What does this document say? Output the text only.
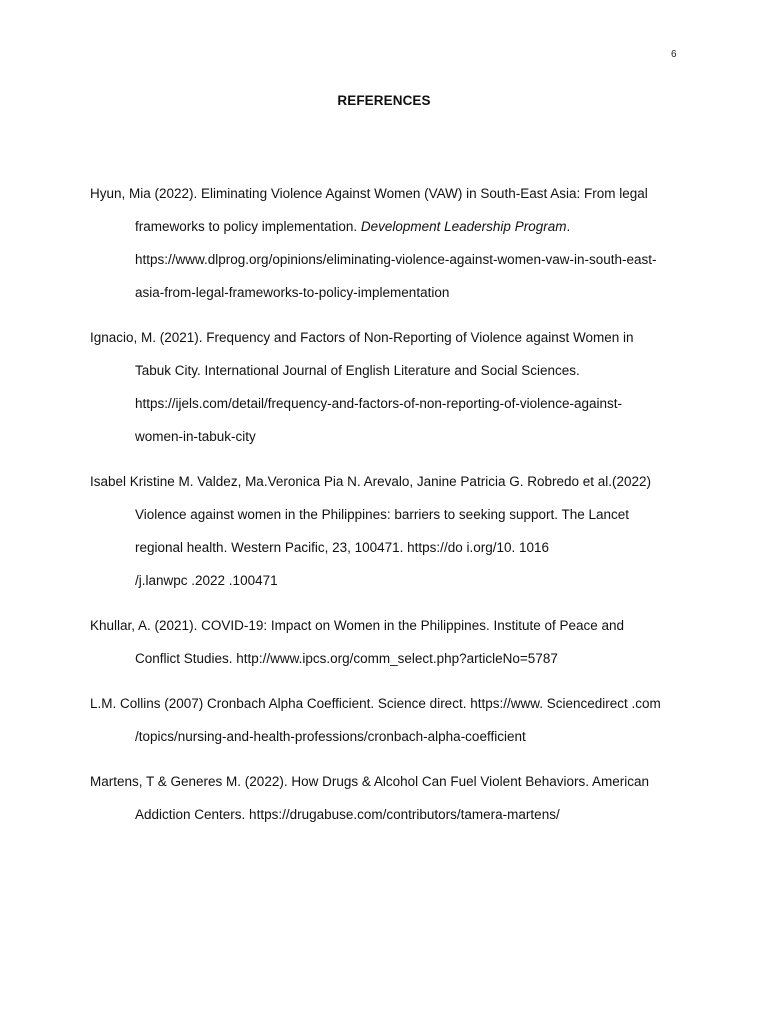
6
REFERENCES
Hyun, Mia (2022). Eliminating Violence Against Women (VAW) in South-East Asia: From legal
frameworks to policy implementation. Development Leadership Program.
https://www.dlprog.org/opinions/eliminating-violence-against-women-vaw-in-south-east-
asia-from-legal-frameworks-to-policy-implementation
Ignacio, M. (2021). Frequency and Factors of Non-Reporting of Violence against Women in
Tabuk City. International Journal of English Literature and Social Sciences.
https://ijels.com/detail/frequency-and-factors-of-non-reporting-of-violence-against-
women-in-tabuk-city
Isabel Kristine M. Valdez, Ma.Veronica Pia N. Arevalo, Janine Patricia G. Robredo et al.(2022)
Violence against women in the Philippines: barriers to seeking support. The Lancet
regional health. Western Pacific, 23, 100471. https://do i.org/10. 1016
/j.lanwpc .2022 .100471
Khullar, A. (2021). COVID-19: Impact on Women in the Philippines. Institute of Peace and
Conflict Studies. http://www.ipcs.org/comm_select.php?articleNo=5787
L.M. Collins (2007) Cronbach Alpha Coefficient. Science direct. https://www. Sciencedirect .com
/topics/nursing-and-health-professions/cronbach-alpha-coefficient
Martens, T & Generes M. (2022). How Drugs & Alcohol Can Fuel Violent Behaviors. American
Addiction Centers. https://drugabuse.com/contributors/tamera-martens/
